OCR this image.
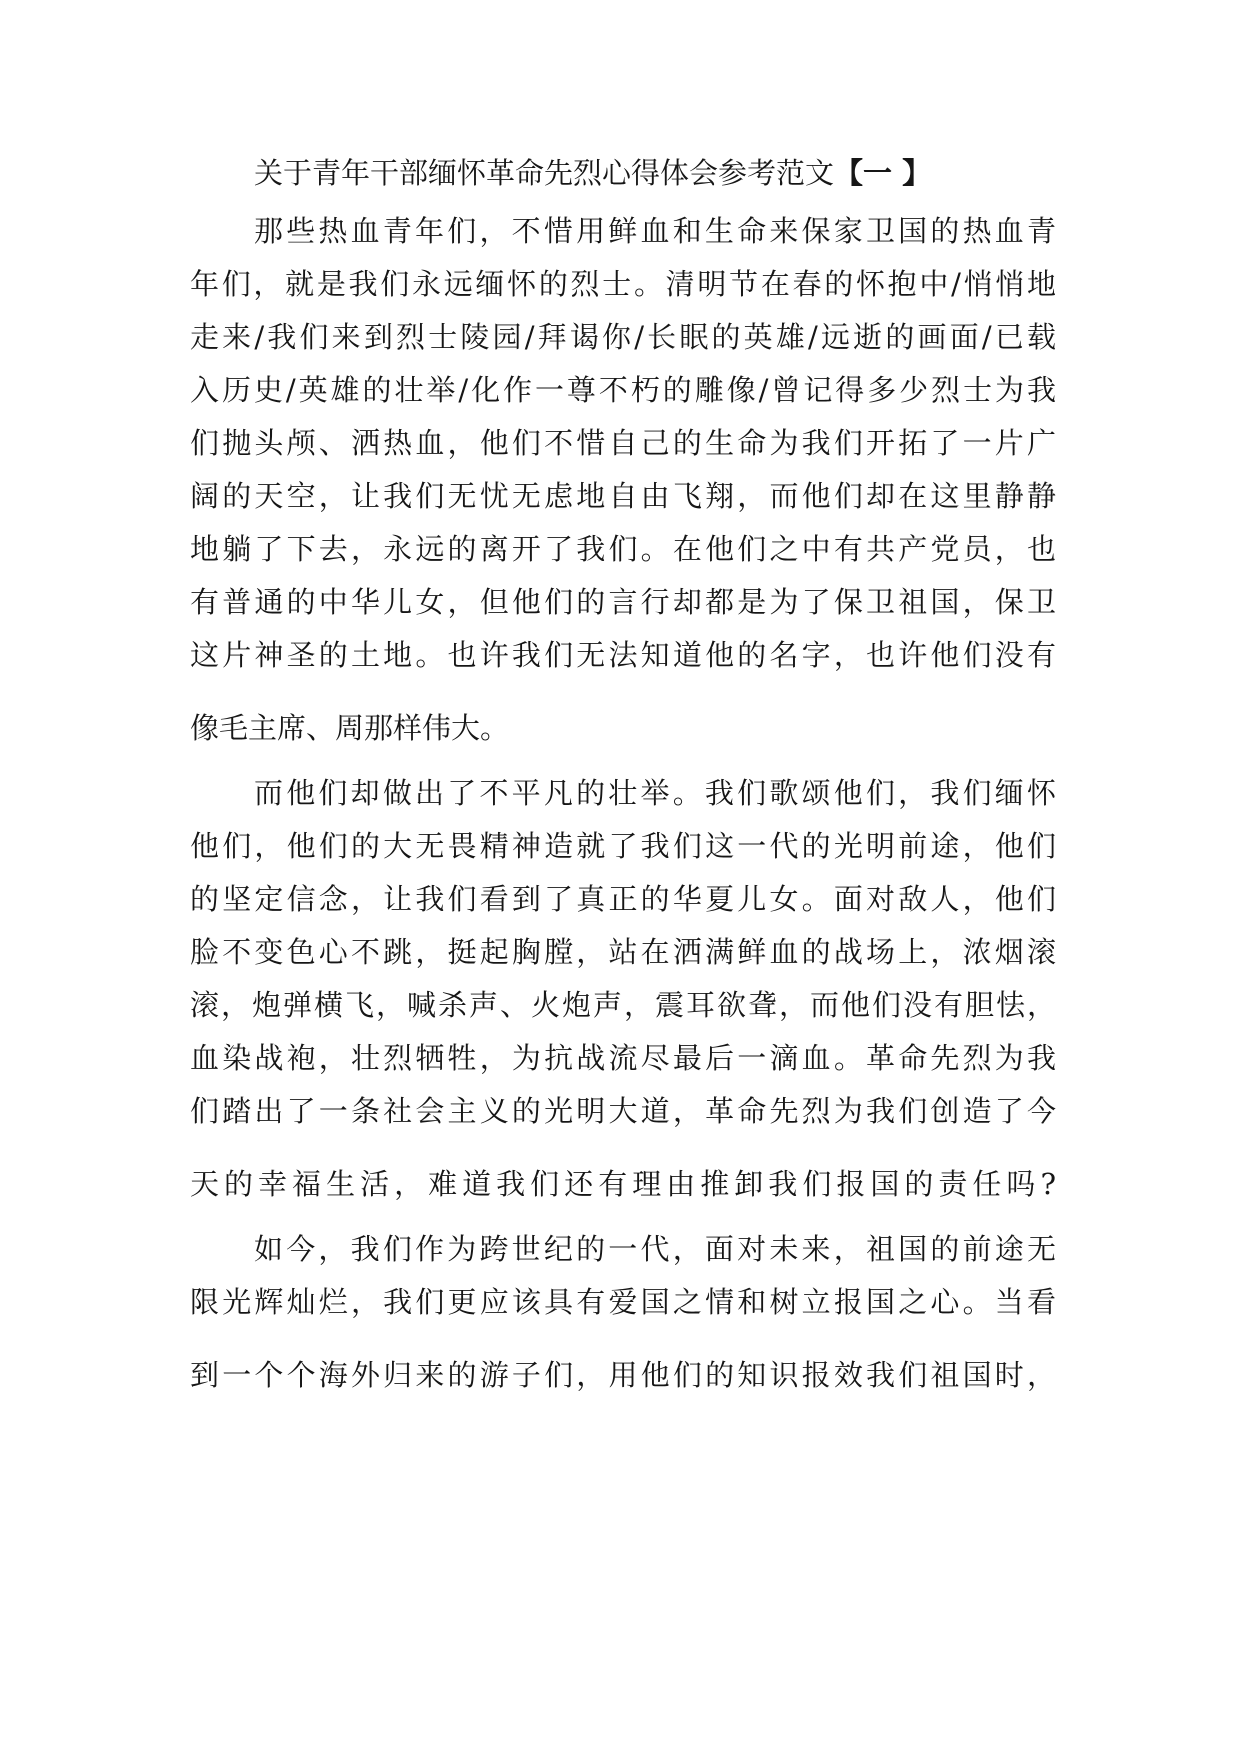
关于青年干部缅怀革命先烈心得体会参考范文【一 】
那些热血青年们，不惜用鲜血和生命来保家卫国的热血青
年们，就是我们永远缅怀的烈士。清明节在春的怀抱中/悄悄地
走来/我们来到烈士陵园/拜谒你/长眠的英雄/远逝的画面/已载
入历史/英雄的壮举/化作一尊不朽的雕像/曾记得多少烈士为我
们抛头颅、洒热血，他们不惜自己的生命为我们开拓了一片广
阔的天空，让我们无忧无虑地自由飞翔，而他们却在这里静静
地躺了下去，永远的离开了我们。在他们之中有共产党员，也
有普通的中华儿女，但他们的言行却都是为了保卫祖国，保卫
这片神圣的土地。也许我们无法知道他的名字，也许他们没有
像毛主席、周那样伟大。
而他们却做出了不平凡的壮举。我们歌颂他们，我们缅怀
他们，他们的大无畏精神造就了我们这一代的光明前途，他们
的坚定信念，让我们看到了真正的华夏儿女。面对敌人，他们
脸不变色心不跳，挺起胸膛，站在洒满鲜血的战场上，浓烟滚
滚，炮弹横飞，喊杀声、火炮声，震耳欲聋，而他们没有胆怯，
血染战袍，壮烈牺牲，为抗战流尽最后一滴血。革命先烈为我
们踏出了一条社会主义的光明大道，革命先烈为我们创造了今
天的幸福生活，难道我们还有理由推卸我们报国的责任吗?
如今，我们作为跨世纪的一代，面对未来，祖国的前途无
限光辉灿烂，我们更应该具有爱国之情和树立报国之心。当看
到一个个海外归来的游子们，用他们的知识报效我们祖国时，
